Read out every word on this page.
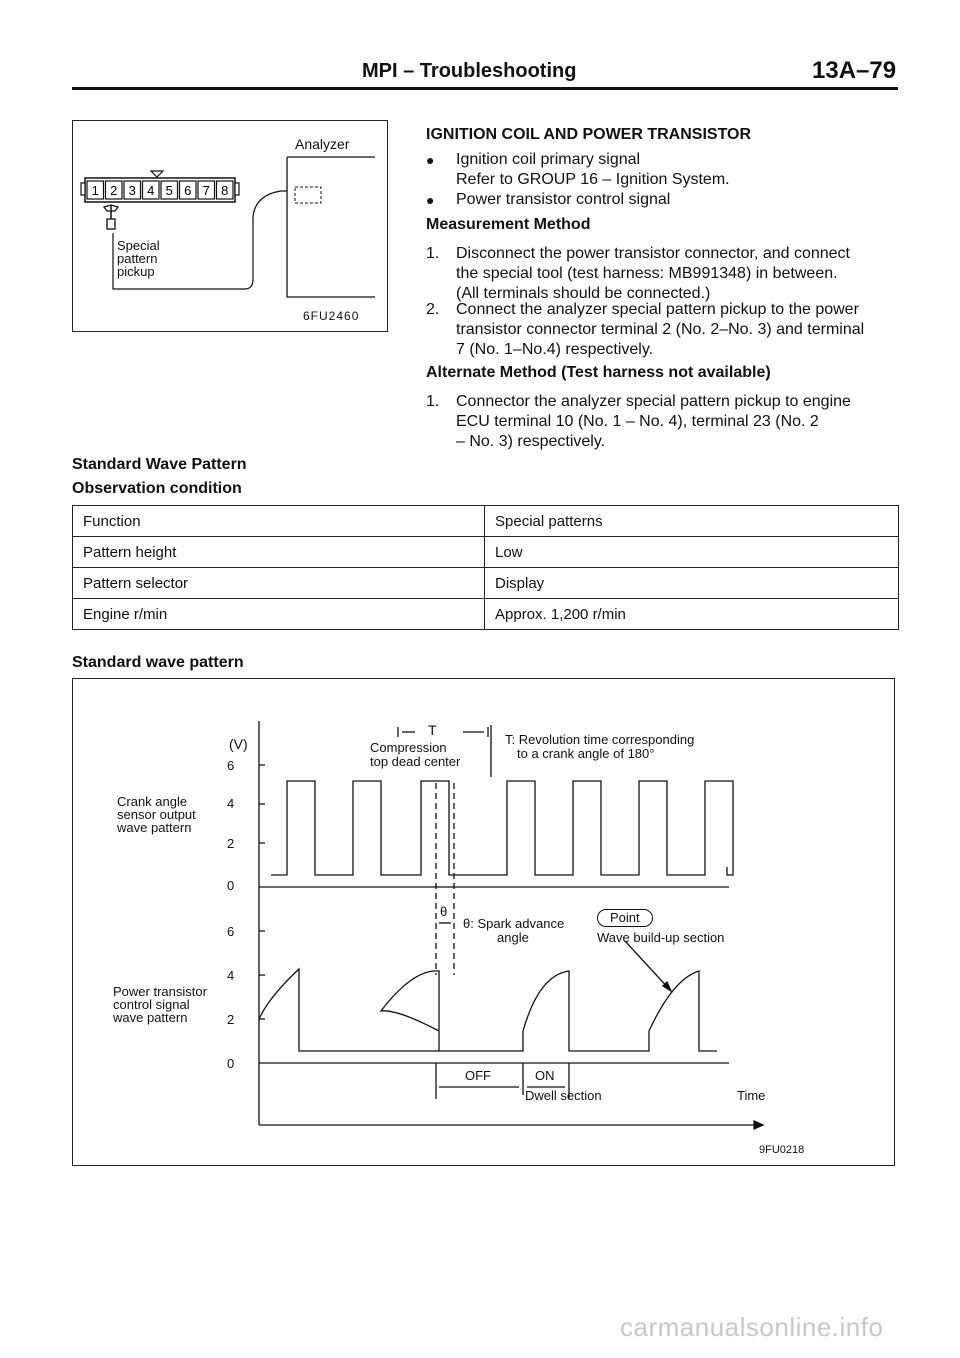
MPI – Troubleshooting	13A–79
1 2 3 4 5 6 7 8
Analyzer
Special
pattern
pickup
6FU2460
IGNITION COIL AND POWER TRANSISTOR
● Ignition coil primary signal
Refer to GROUP 16 – Ignition System.
● Power transistor control signal
Measurement Method
1. Disconnect the power transistor connector, and connect
the special tool (test harness: MB991348) in between.
(All terminals should be connected.)
2. Connect the analyzer special pattern pickup to the power
transistor connector terminal 2 (No. 2–No. 3) and terminal
7 (No. 1–No.4) respectively.
Alternate Method (Test harness not available)
1. Connector the analyzer special pattern pickup to engine
ECU terminal 10 (No. 1 – No. 4), terminal 23 (No. 2
– No. 3) respectively.
Standard Wave Pattern
Observation condition
Function	Special patterns
Pattern height	Low
Pattern selector	Display
Engine r/min	Approx. 1,200 r/min
Standard wave pattern
(V)
6
4
2
0
6
4
2
0
Crank angle
sensor output
wave pattern
Power transistor
control signal
wave pattern
T
Compression
top dead center
T: Revolution time corresponding
to a crank angle of 180°
θ
θ: Spark advance
angle
Point
Wave build-up section
OFF	ON
Dwell section	Time
9FU0218
carmanualsonline.info
